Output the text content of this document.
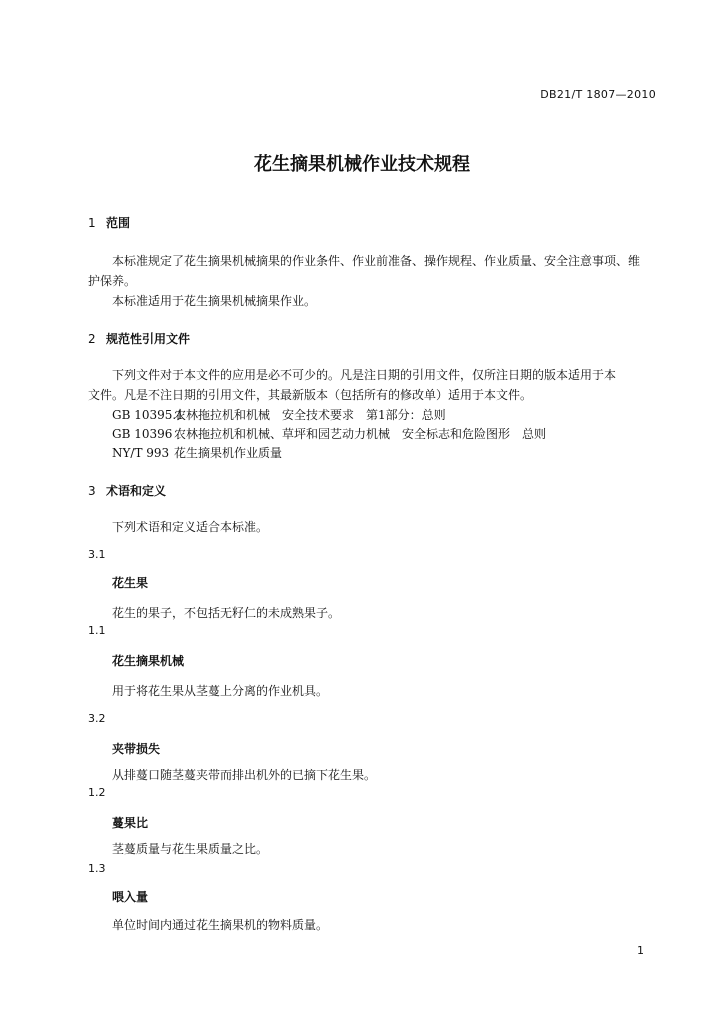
DB21/T 1807—2010
花生摘果机械作业技术规程
1 范围

本标准规定了花生摘果机械摘果的作业条件、作业前准备、操作规程、作业质量、安全注意事项、维

护保养。

本标准适用于花生摘果机械摘果作业。

2 规范性引用文件

下列文件对于本文件的应用是必不可少的。凡是注日期的引用文件，仅所注日期的版本适用于本

文件。凡是不注日期的引用文件，其最新版本（包括所有的修改单）适用于本文件。

GB 10395.1农林拖拉机和机械　安全技术要求　第1部分：总则
GB 10396 农林拖拉机和机械、草坪和园艺动力机械　安全标志和危险图形　总则
NY/T 993 花生摘果机作业质量
3 术语和定义

下列术语和定义适合本标准。

3.1
花生果

花生的果子，不包括无籽仁的未成熟果子。

1.1
花生摘果机械

用于将花生果从茎蔓上分离的作业机具。

3.2
夹带损失

从排蔓口随茎蔓夹带而排出机外的已摘下花生果。

1.2
蔓果比

茎蔓质量与花生果质量之比。

1.3
喂入量

单位时间内通过花生摘果机的物料质量。

1
